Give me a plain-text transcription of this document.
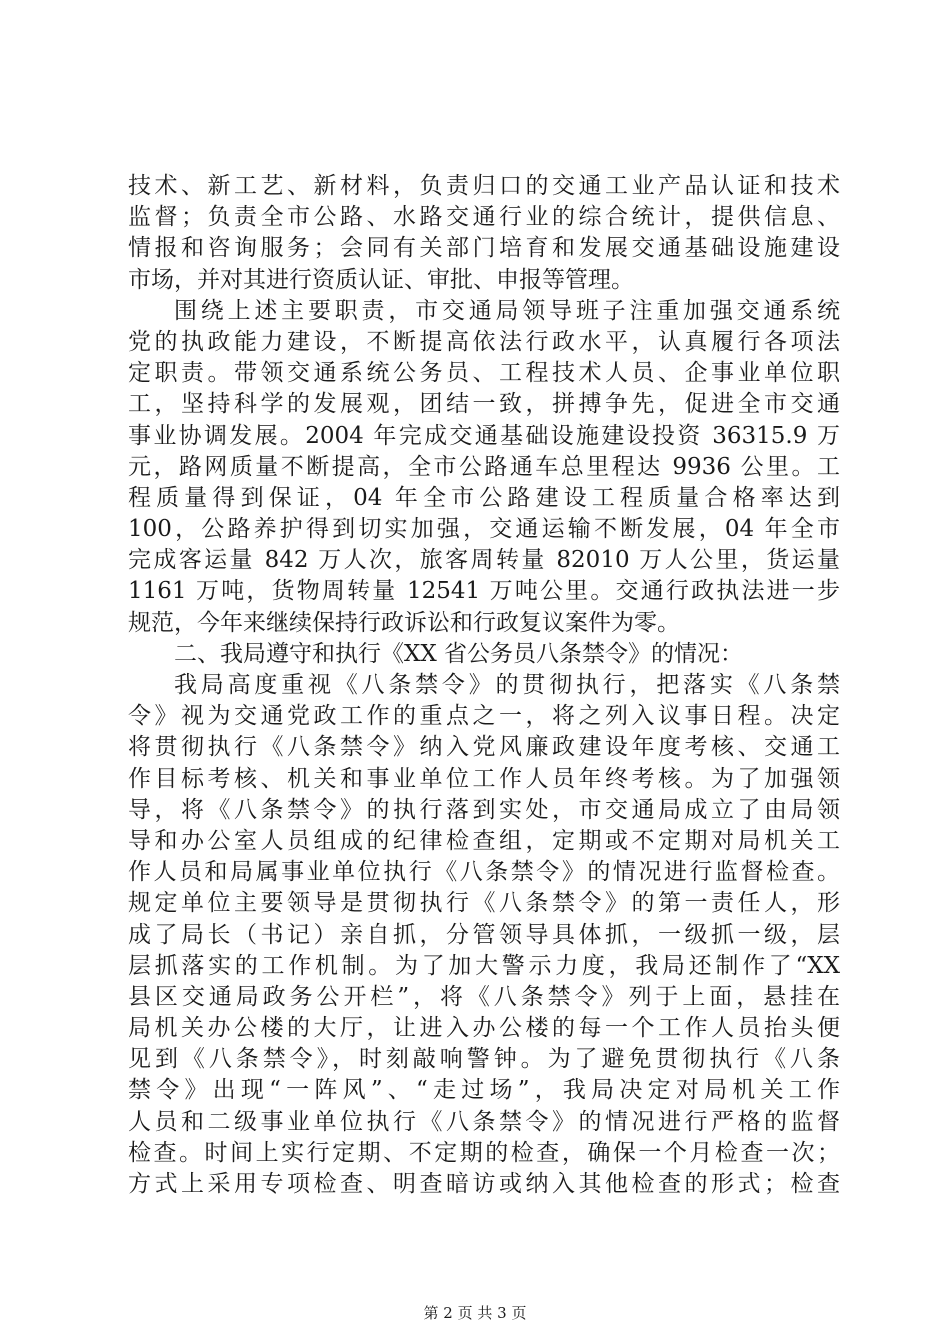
技术、新工艺、新材料，负责归口的交通工业产品认证和技术
监督；负责全市公路、水路交通行业的综合统计，提供信息、
情报和咨询服务；会同有关部门培育和发展交通基础设施建设
市场，并对其进行资质认证、审批、申报等管理。
围绕上述主要职责，市交通局领导班子注重加强交通系统
党的执政能力建设，不断提高依法行政水平，认真履行各项法
定职责。带领交通系统公务员、工程技术人员、企事业单位职
工，坚持科学的发展观，团结一致，拼搏争先，促进全市交通
事业协调发展。2004 年完成交通基础设施建设投资 36315.9 万
元，路网质量不断提高，全市公路通车总里程达 9936 公里。工
程质量得到保证，04 年全市公路建设工程质量合格率达到
100，公路养护得到切实加强，交通运输不断发展，04 年全市
完成客运量 842 万人次，旅客周转量 82010 万人公里，货运量
1161 万吨，货物周转量 12541 万吨公里。交通行政执法进一步
规范，今年来继续保持行政诉讼和行政复议案件为零。
二、我局遵守和执行《XX 省公务员八条禁令》的情况：
我局高度重视《八条禁令》的贯彻执行，把落实《八条禁
令》视为交通党政工作的重点之一，将之列入议事日程。决定
将贯彻执行《八条禁令》纳入党风廉政建设年度考核、交通工
作目标考核、机关和事业单位工作人员年终考核。为了加强领
导，将《八条禁令》的执行落到实处，市交通局成立了由局领
导和办公室人员组成的纪律检查组，定期或不定期对局机关工
作人员和局属事业单位执行《八条禁令》的情况进行监督检查。
规定单位主要领导是贯彻执行《八条禁令》的第一责任人，形
成了局长（书记）亲自抓，分管领导具体抓，一级抓一级，层
层抓落实的工作机制。为了加大警示力度，我局还制作了“XX
县区交通局政务公开栏”，将《八条禁令》列于上面，悬挂在
局机关办公楼的大厅，让进入办公楼的每一个工作人员抬头便
见到《八条禁令》，时刻敲响警钟。为了避免贯彻执行《八条
禁令》出现“一阵风”、“走过场”，我局决定对局机关工作
人员和二级事业单位执行《八条禁令》的情况进行严格的监督
检查。时间上实行定期、不定期的检查，确保一个月检查一次；
方式上采用专项检查、明查暗访或纳入其他检查的形式；检查
第 2 页 共 3 页
